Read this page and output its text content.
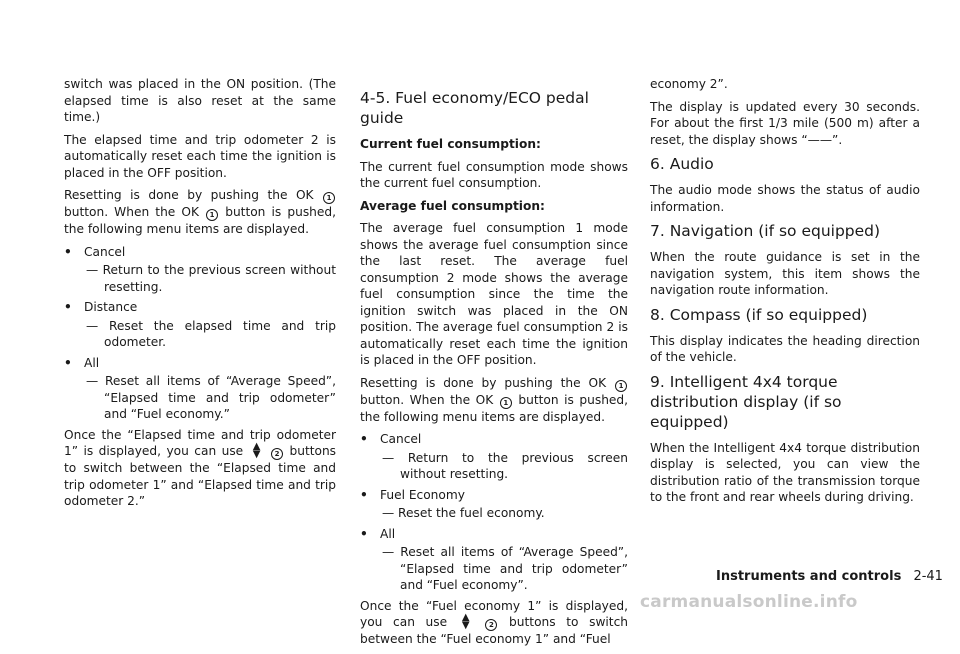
switch was placed in the ON position. (The elapsed time is also reset at the same time.)

The elapsed time and trip odometer 2 is automatically reset each time the ignition is placed in the OFF position.

Resetting is done by pushing the OK 1 button. When the OK 1 button is pushed, the following menu items are displayed.

• Cancel
— Return to the previous screen without resetting.
• Distance
— Reset the elapsed time and trip odometer.
• All
— Reset all items of “Average Speed”, “Elapsed time and trip odometer” and “Fuel economy.”

Once the “Elapsed time and trip odometer 1” is displayed, you can use ▲
▼ 2 buttons to switch between the “Elapsed time and trip odometer 1” and “Elapsed time and trip odometer 2.”

4-5. Fuel economy/ECO pedal guide

Current fuel consumption:

The current fuel consumption mode shows the current fuel consumption.

Average fuel consumption:

The average fuel consumption 1 mode shows the average fuel consumption since the last reset. The average fuel consumption 2 mode shows the average fuel consumption since the time the ignition switch was placed in the ON position. The average fuel consumption 2 is automatically reset each time the ignition is placed in the OFF position.

Resetting is done by pushing the OK 1 button. When the OK 1 button is pushed, the following menu items are displayed.

• Cancel
— Return to the previous screen without resetting.
• Fuel Economy
— Reset the fuel economy.
• All
— Reset all items of “Average Speed”, “Elapsed time and trip odometer” and “Fuel economy”.

Once the “Fuel economy 1” is displayed, you can use ▲
▼	2 buttons to switch between the “Fuel economy 1” and “Fuel

economy 2”.

The display is updated every 30 seconds. For about the first 1/3 mile (500 m) after a reset, the display shows “——”.

6. Audio

The audio mode shows the status of audio information.

7. Navigation (if so equipped)

When the route guidance is set in the navigation system, this item shows the navigation route information.

8. Compass (if so equipped)

This display indicates the heading direction of the vehicle.

9. Intelligent 4x4 torque distribution display (if so equipped)

When the Intelligent 4x4 torque distribution display is selected, you can view the distribution ratio of the transmission torque to the front and rear wheels during driving.

Instruments and controls 2-41
carmanualsonline.info
